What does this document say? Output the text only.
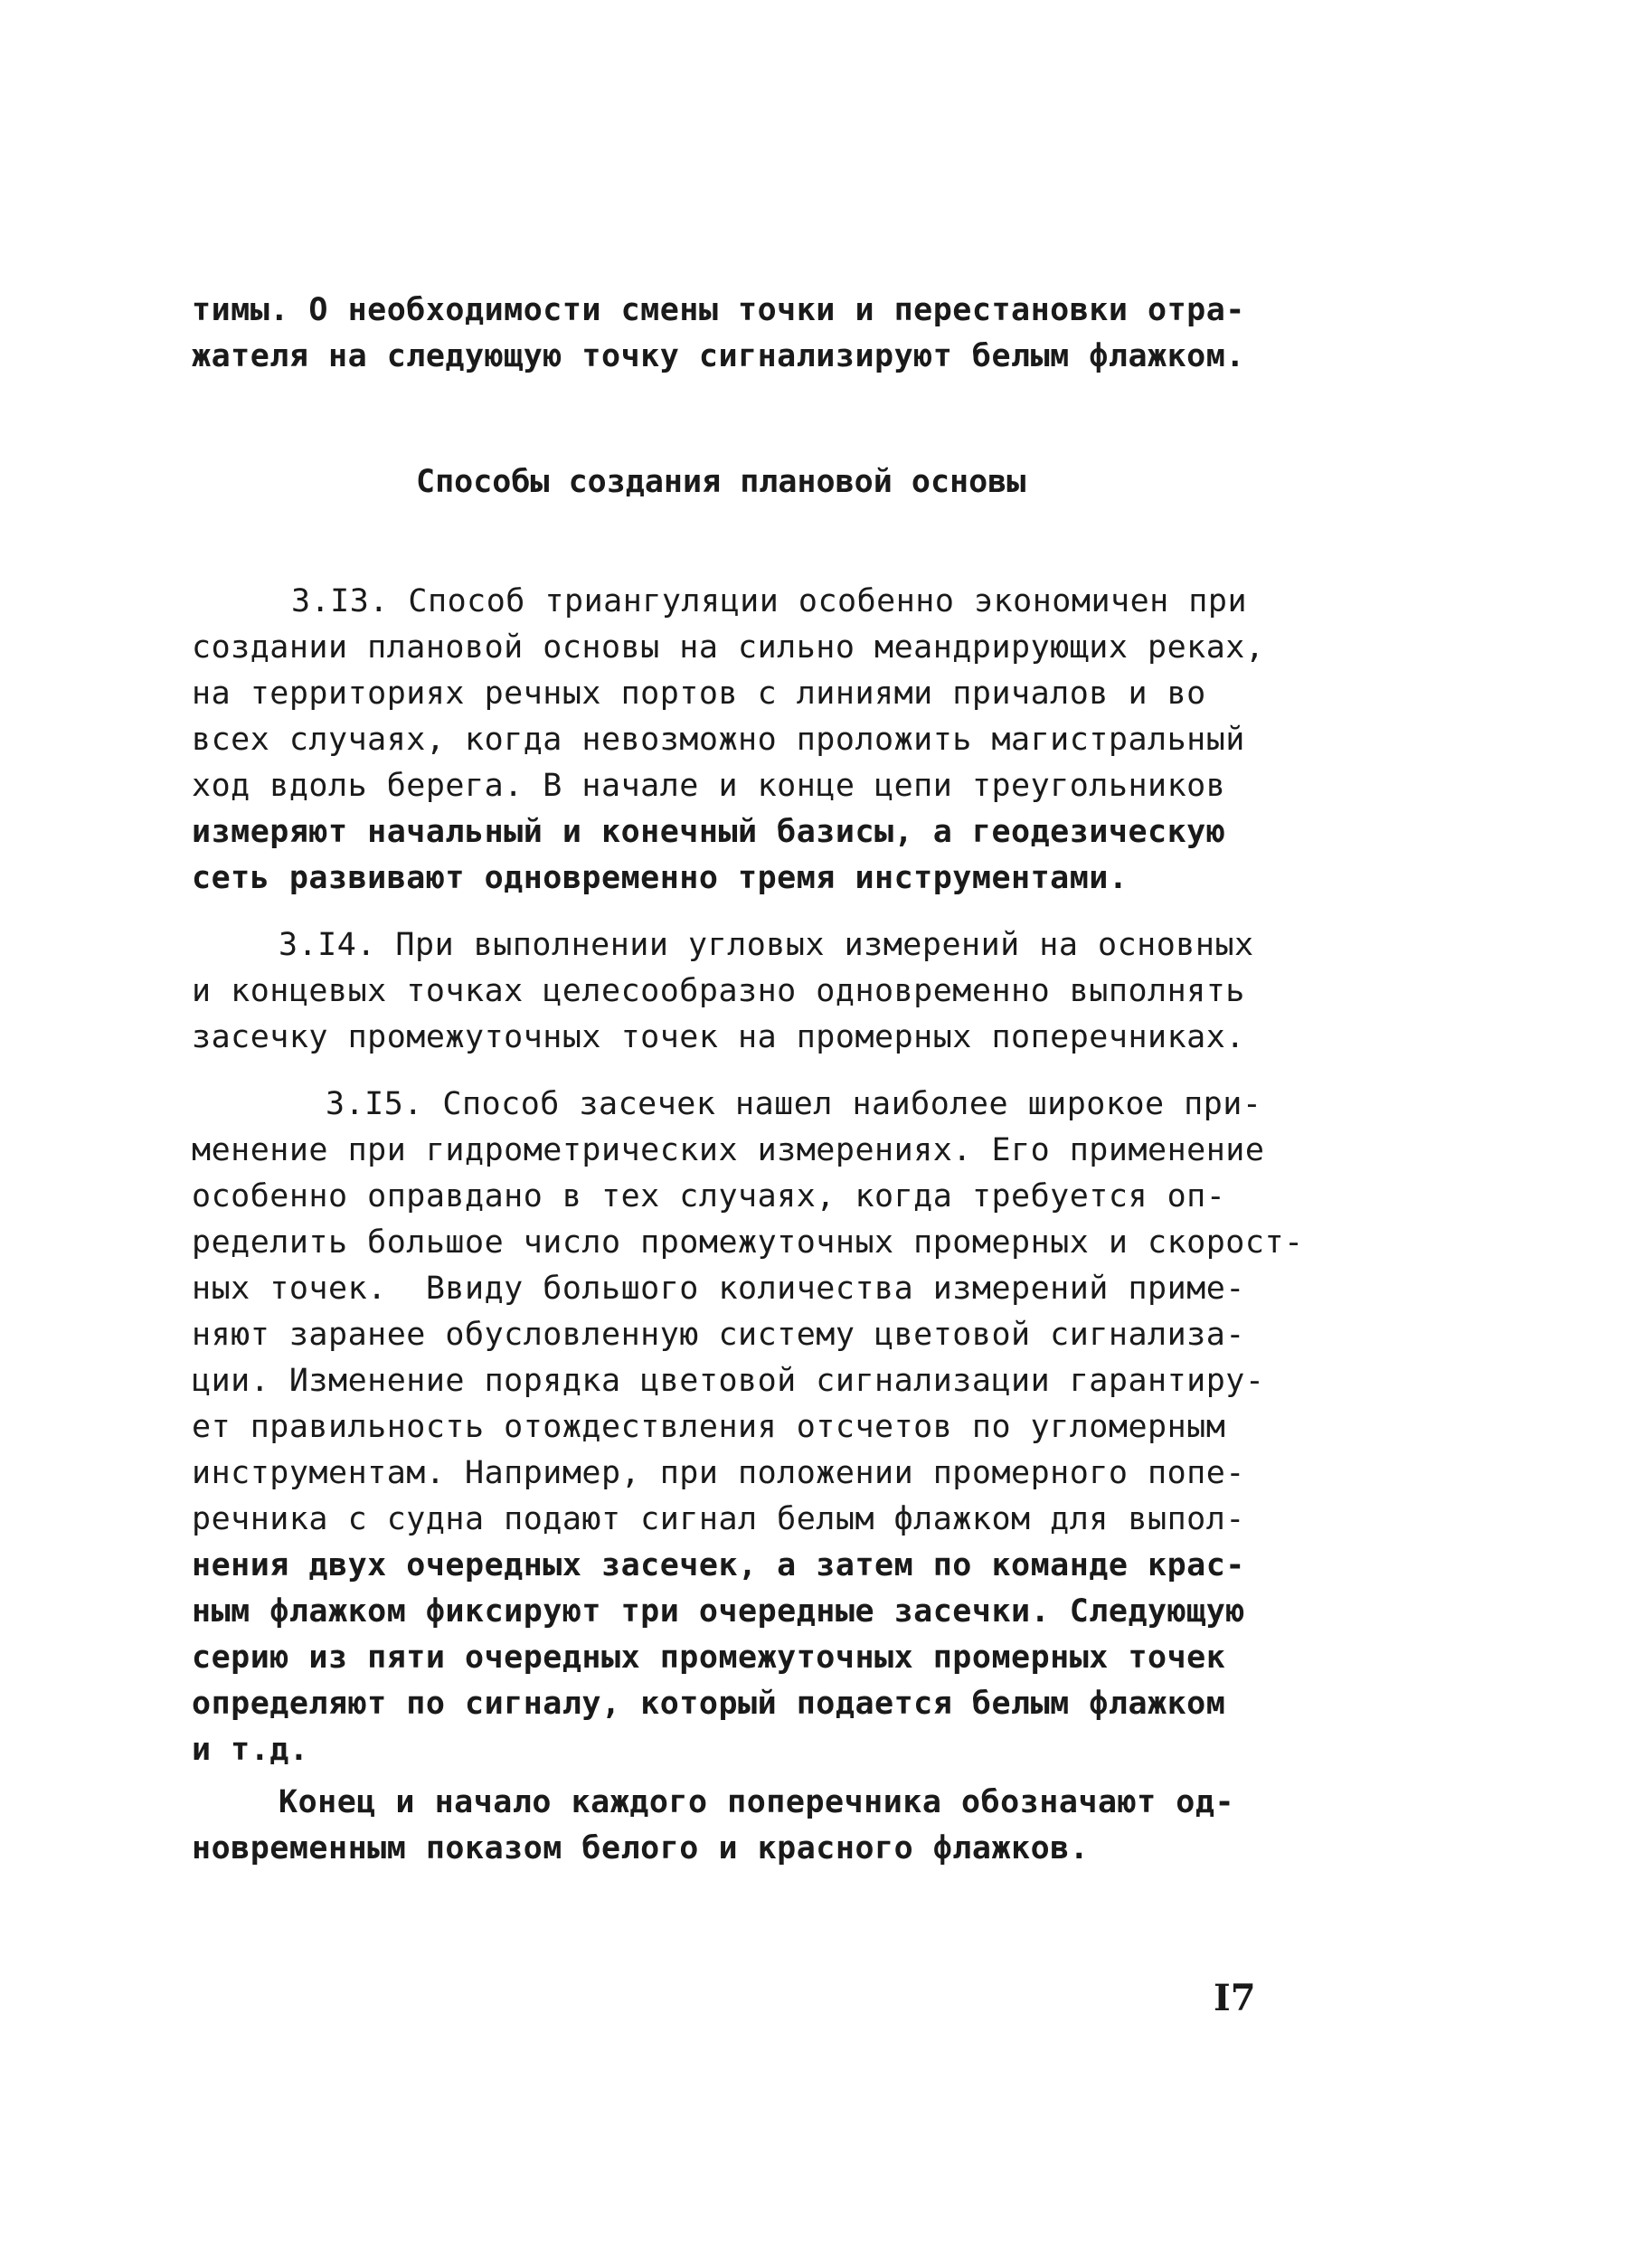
тимы. О необходимости смены точки и перестановки отра-
жателя на следующую точку сигнализируют белым флажком.
Способы создания плановой основы
3.I3. Способ триангуляции особенно экономичен при
создании плановой основы на сильно меандрирующих реках,
на территориях речных портов с линиями причалов и во
всех случаях, когда невозможно проложить магистральный
ход вдоль берега. В начале и конце цепи треугольников
измеряют начальный и конечный базисы, а геодезическую
сеть развивают одновременно тремя инструментами.
3.I4. При выполнении угловых измерений на основных
и концевых точках целесообразно одновременно выполнять
засечку промежуточных точек на промерных поперечниках.
3.I5. Способ засечек нашел наиболее широкое при-
менение при гидрометрических измерениях. Его применение
особенно оправдано в тех случаях, когда требуется оп-
ределить большое число промежуточных промерных и скорост-
ных точек.  Ввиду большого количества измерений приме-
няют заранее обусловленную систему цветовой сигнализа-
ции. Изменение порядка цветовой сигнализации гарантиру-
ет правильность отождествления отсчетов по угломерным
инструментам. Например, при положении промерного попе-
речника с судна подают сигнал белым флажком для выпол-
нения двух очередных засечек, а затем по команде крас-
ным флажком фиксируют три очередные засечки. Следующую
серию из пяти очередных промежуточных промерных точек
определяют по сигналу, который подается белым флажком
и т.д.
Конец и начало каждого поперечника обозначают од-
новременным показом белого и красного флажков.
I7
